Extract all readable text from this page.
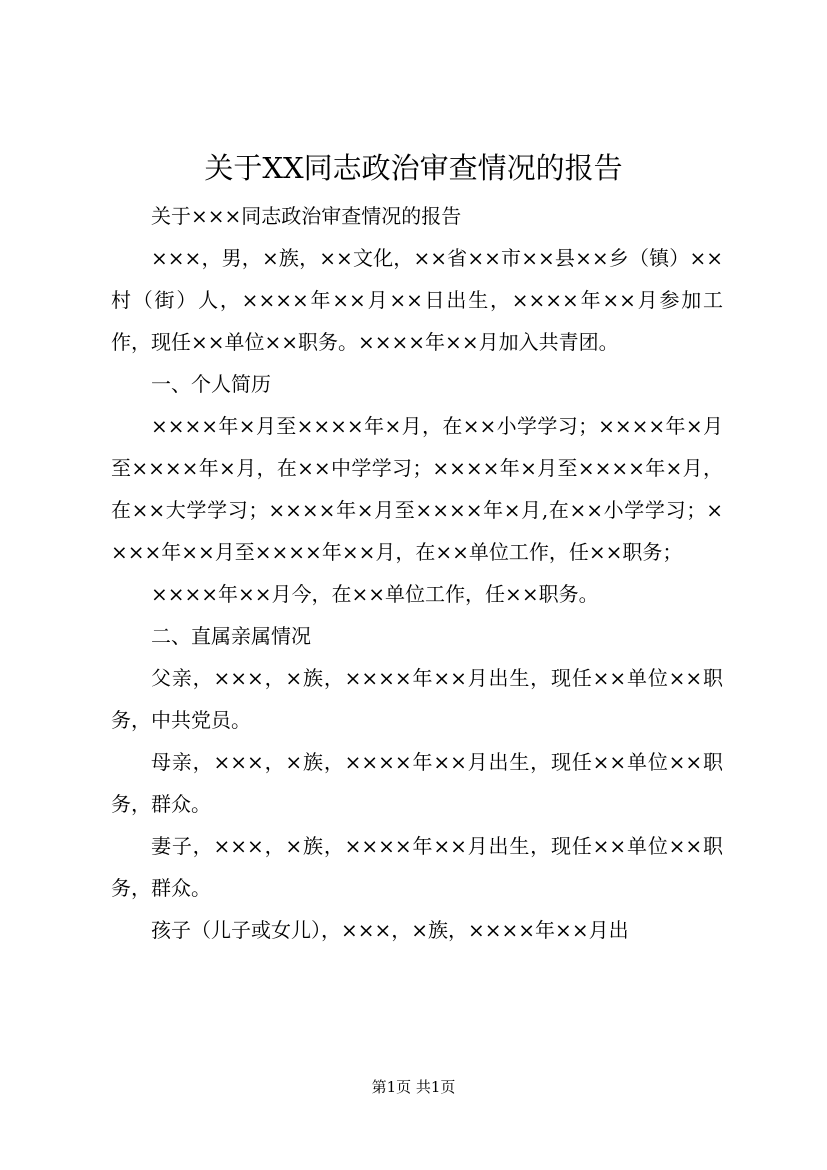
关于XX同志政治审查情况的报告

关于×××同志政治审查情况的报告

×××，男，×族，××文化，××省××市××县××乡（镇）××村（街）人，××××年××月××日出生，××××年××月参加工作，现任××单位××职务。××××年××月加入共青团。

一、个人简历

××××年×月至××××年×月，在××小学学习；××××年×月至××××年×月，在××中学学习；××××年×月至××××年×月，在××大学学习；××××年×月至××××年×月,在××小学学习；××××年××月至××××年××月，在××单位工作，任××职务；

××××年××月今，在××单位工作，任××职务。

二、直属亲属情况

父亲，×××，×族，××××年××月出生，现任××单位××职务，中共党员。

母亲，×××，×族，××××年××月出生，现任××单位××职务，群众。

妻子，×××，×族，××××年××月出生，现任××单位××职务，群众。

孩子（儿子或女儿），×××，×族，××××年××月出

第1页 共1页
